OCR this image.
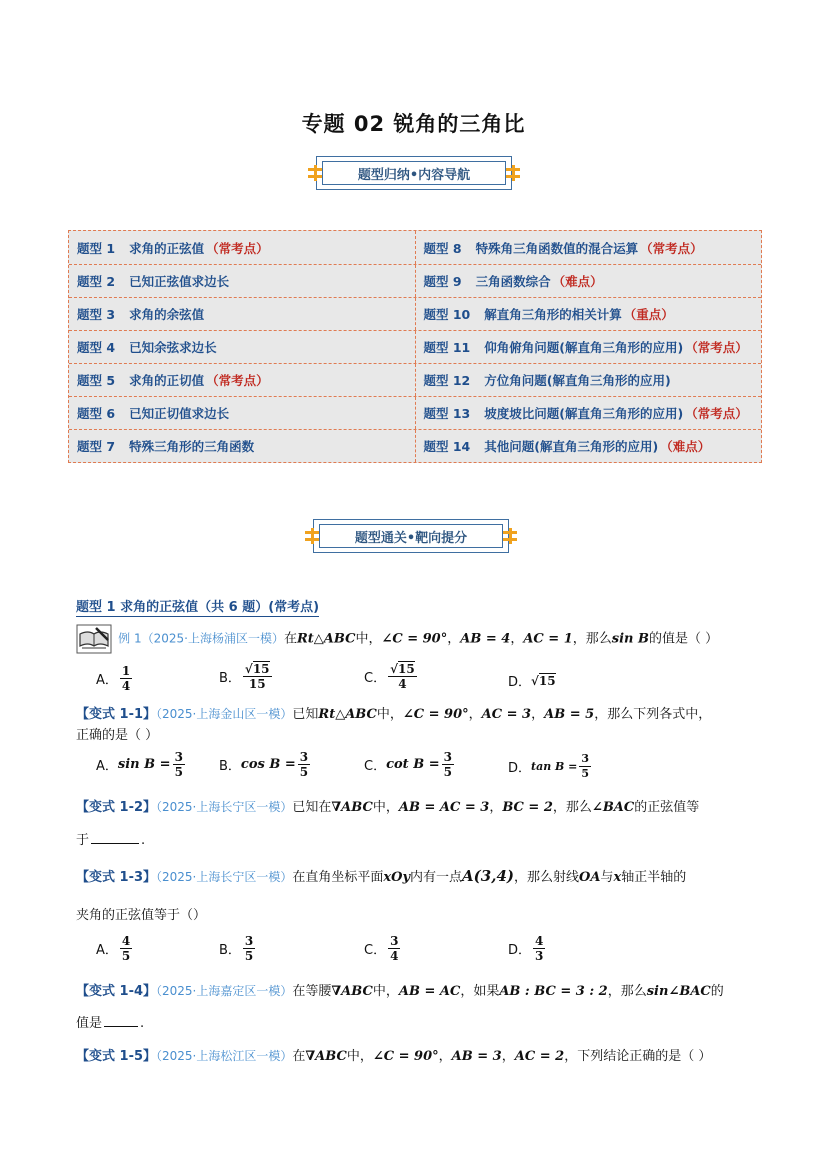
专题 02 锐角的三角比
题型归纳•内容导航
题型 1 求角的正弦值 （常考点）	题型 8 特殊角三角函数值的混合运算 （常考点）
题型 2 已知正弦值求边长	题型 9 三角函数综合 （难点）
题型 3 求角的余弦值	题型 10 解直角三角形的相关计算 （重点）
题型 4 已知余弦求边长	题型 11 仰角俯角问题(解直角三角形的应用) （常考点）
题型 5 求角的正切值 （常考点）	题型 12 方位角问题(解直角三角形的应用)
题型 6 已知正切值求边长	题型 13 坡度坡比问题(解直角三角形的应用) （常考点）
题型 7 特殊三角形的三角函数	题型 14 其他问题(解直角三角形的应用) （难点）
题型通关•靶向提分
题型 1 求角的正弦值（共 6 题）(常考点)
例 1（2025·上海杨浦区一模）在Rt△ABC中，∠C = 90°，AB = 4，AC = 1，那么sin B的值是（ ）
A． $\frac{1}{4}$	B． $\frac{√15}{15}$	C． $\frac{√15}{4}$	D． √15
【变式 1-1】（2025·上海金山区一模）已知Rt△ABC中，∠C = 90°，AC = 3，AB = 5，那么下列各式中，
正确的是（ ）
A． $\sin B = \frac{3}{5}$	B． $\cos B = \frac{3}{5}$	C． $\cot B = \frac{3}{5}$	D． $\tan B = \frac{3}{5}$
【变式 1-2】（2025·上海长宁区一模）已知在∇ABC中，AB = AC = 3，BC = 2，那么∠BAC的正弦值等
于	.
【变式 1-3】（2025·上海长宁区一模）在直角坐标平面xOy内有一点A(3,4)，那么射线OA与x轴正半轴的
夹角的正弦值等于（）
A． $\frac{4}{5}$	B． $\frac{3}{5}$	C． $\frac{3}{4}$	D． $\frac{4}{3}$
【变式 1-4】（2025·上海嘉定区一模）在等腰∇ABC中，AB = AC，如果AB : BC = 3 : 2，那么sin∠BAC的
值是	.
【变式 1-5】（2025·上海松江区一模）在∇ABC中，∠C = 90°，AB = 3，AC = 2，下列结论正确的是（ ）
